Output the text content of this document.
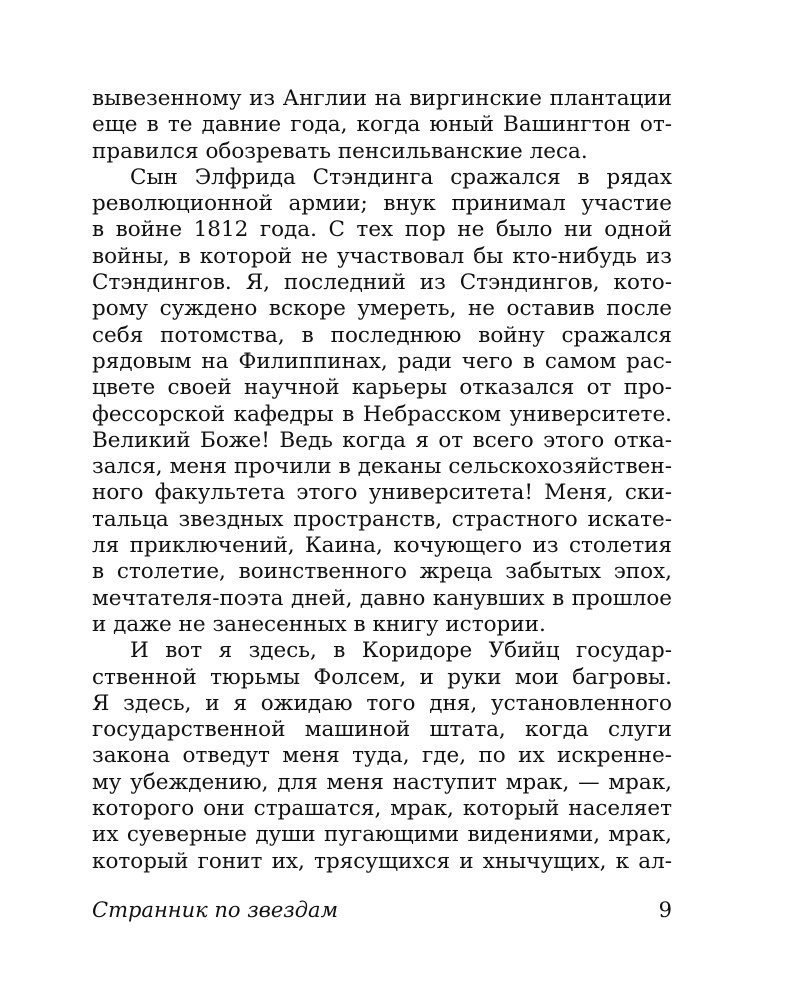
вывезенному из Англии на виргинские плантации
еще в те давние года, когда юный Вашингтон от-
правился обозревать пенсильванские леса.
Сын Элфрида Стэндинга сражался в рядах
революционной армии; внук принимал участие
в войне 1812 года. С тех пор не было ни одной
войны, в которой не участвовал бы кто-нибудь из
Стэндингов. Я, последний из Стэндингов, кото-
рому суждено вскоре умереть, не оставив после
себя потомства, в последнюю войну сражался
рядовым на Филиппинах, ради чего в самом рас-
цвете своей научной карьеры отказался от про-
фессорской кафедры в Небрасском университете.
Великий Боже! Ведь когда я от всего этого отка-
зался, меня прочили в деканы сельскохозяйствен-
ного факультета этого университета! Меня, ски-
тальца звездных пространств, страстного искате-
ля приключений, Каина, кочующего из столетия
в столетие, воинственного жреца забытых эпох,
мечтателя-поэта дней, давно канувших в прошлое
и даже не занесенных в книгу истории.
И вот я здесь, в Коридоре Убийц государ-
ственной тюрьмы Фолсем, и руки мои багровы.
Я здесь, и я ожидаю того дня, установленного
государственной машиной штата, когда слуги
закона отведут меня туда, где, по их искренне-
му убеждению, для меня наступит мрак, — мрак,
которого они страшатся, мрак, который населяет
их суеверные души пугающими видениями, мрак,
который гонит их, трясущихся и хнычущих, к ал-
Странник по звездам	9
